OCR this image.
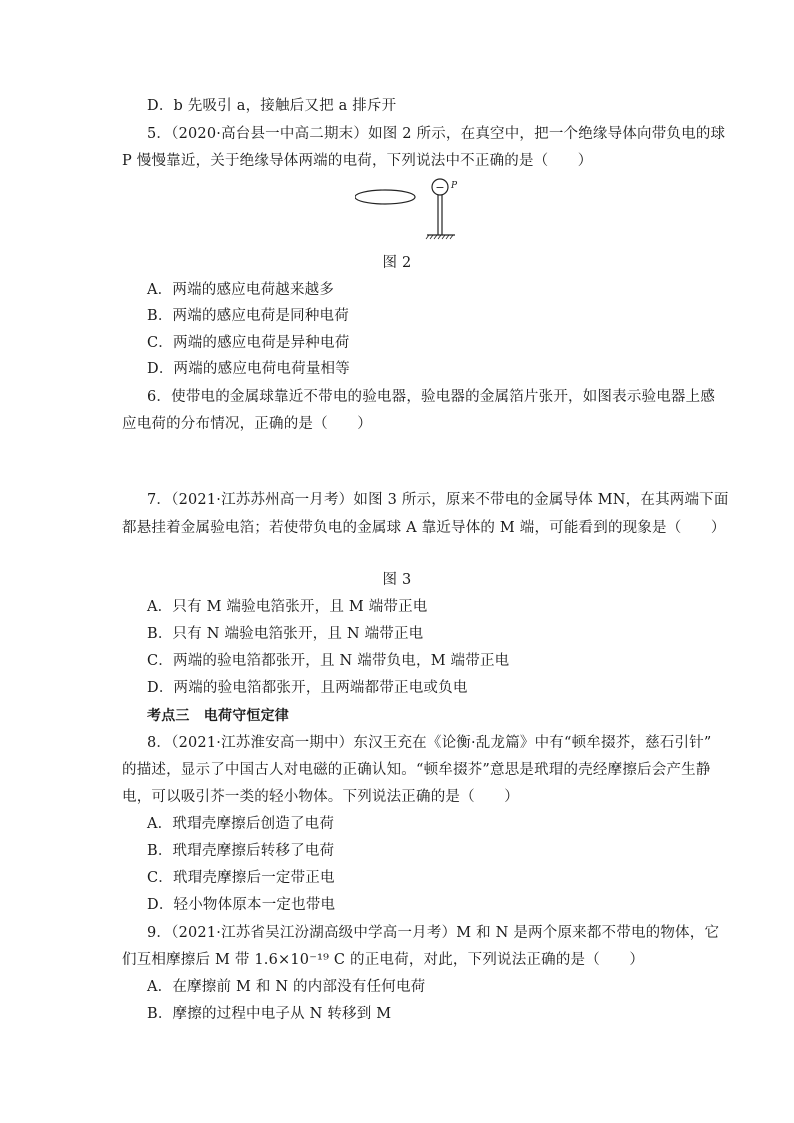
D．b 先吸引 a，接触后又把 a 排斥开
5．（2020·高台县一中高二期末）如图 2 所示，在真空中，把一个绝缘导体向带负电的球
P 慢慢靠近，关于绝缘导体两端的电荷，下列说法中不正确的是（　　）
− P
图 2
A．两端的感应电荷越来越多
B．两端的感应电荷是同种电荷
C．两端的感应电荷是异种电荷
D．两端的感应电荷电荷量相等
6．使带电的金属球靠近不带电的验电器，验电器的金属箔片张开，如图表示验电器上感
应电荷的分布情况，正确的是（　　）
7．（2021·江苏苏州高一月考）如图 3 所示，原来不带电的金属导体 MN，在其两端下面
都悬挂着金属验电箔；若使带负电的金属球 A 靠近导体的 M 端，可能看到的现象是（　　）
图 3
A．只有 M 端验电箔张开，且 M 端带正电
B．只有 N 端验电箔张开，且 N 端带正电
C．两端的验电箔都张开，且 N 端带负电，M 端带正电
D．两端的验电箔都张开，且两端都带正电或负电
考点三　电荷守恒定律
8．（2021·江苏淮安高一期中）东汉王充在《论衡·乱龙篇》中有“顿牟掇芥，慈石引针”
的描述，显示了中国古人对电磁的正确认知。“顿牟掇芥”意思是玳瑁的壳经摩擦后会产生静
电，可以吸引芥一类的轻小物体。下列说法正确的是（　　）
A．玳瑁壳摩擦后创造了电荷
B．玳瑁壳摩擦后转移了电荷
C．玳瑁壳摩擦后一定带正电
D．轻小物体原本一定也带电
9．（2021·江苏省吴江汾湖高级中学高一月考）M 和 N 是两个原来都不带电的物体，它
们互相摩擦后 M 带 1.6×10⁻¹⁹ C 的正电荷，对此，下列说法正确的是（　　）
A．在摩擦前 M 和 N 的内部没有任何电荷
B．摩擦的过程中电子从 N 转移到 M
